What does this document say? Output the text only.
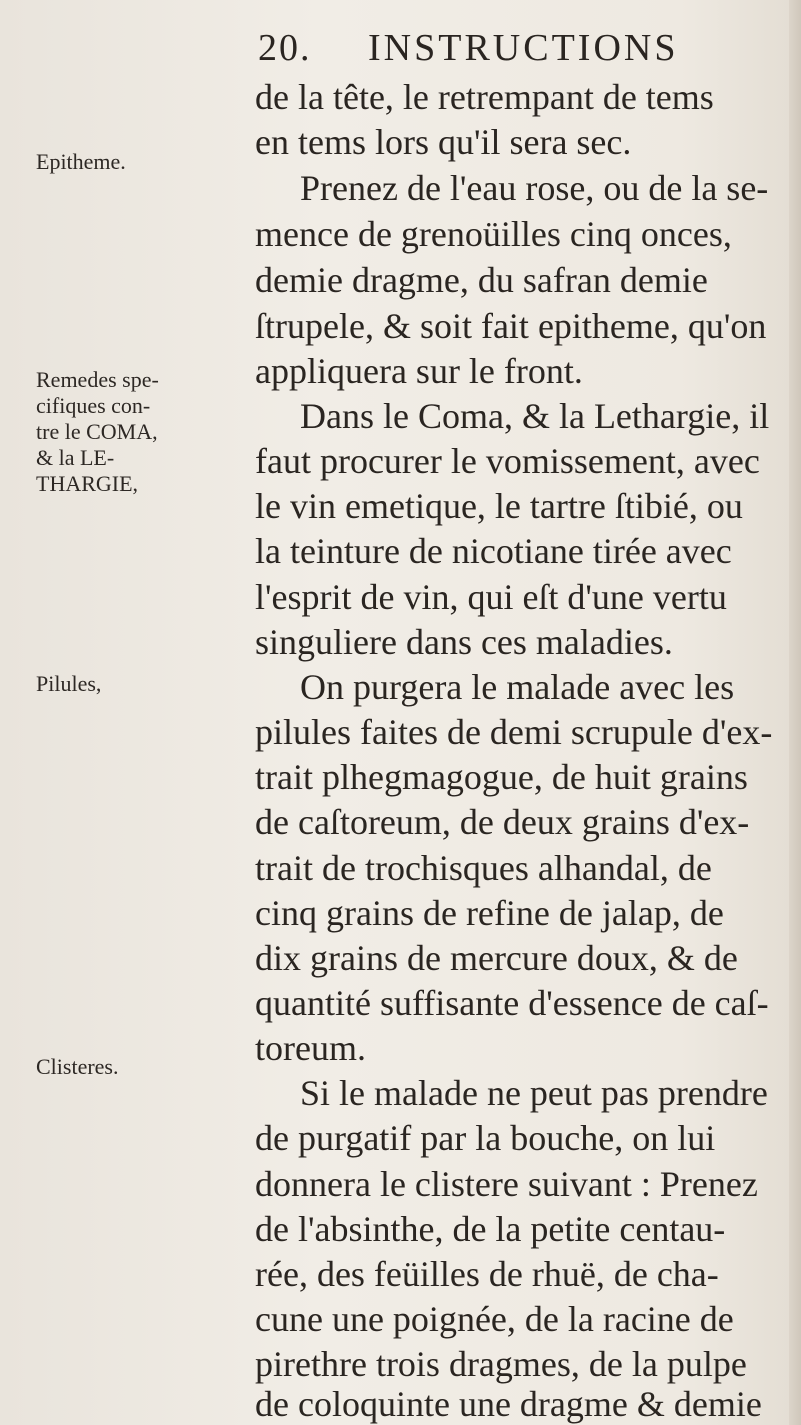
20. INSTRUCTIONS
Epitheme.
Remedes spe-
cifiques con-
tre le COMA,
& la LE-
THARGIE,
Pilules,
Clisteres.
de la tête, le retrempant de tems
en tems lors qu'il sera sec.
Prenez de l'eau rose, ou de la se-
mence de grenoüilles cinq onces,
demie dragme, du safran demie
ſtrupele, & soit fait epitheme, qu'on
appliquera sur le front.
Dans le Coma, & la Lethargie, il
faut procurer le vomissement, avec
le vin emetique, le tartre ſtibié, ou
la teinture de nicotiane tirée avec
l'esprit de vin, qui eſt d'une vertu
singuliere dans ces maladies.
On purgera le malade avec les
pilules faites de demi scrupule d'ex-
trait plhegmagogue, de huit grains
de caſtoreum, de deux grains d'ex-
trait de trochisques alhandal, de
cinq grains de refine de jalap, de
dix grains de mercure doux, & de
quantité suffisante d'essence de caſ-
toreum.
Si le malade ne peut pas prendre
de purgatif par la bouche, on lui
donnera le clistere suivant : Prenez
de l'absinthe, de la petite centau-
rée, des feüilles de rhuë, de cha-
cune une poignée, de la racine de
pirethre trois dragmes, de la pulpe
de coloquinte une dragme & demie
